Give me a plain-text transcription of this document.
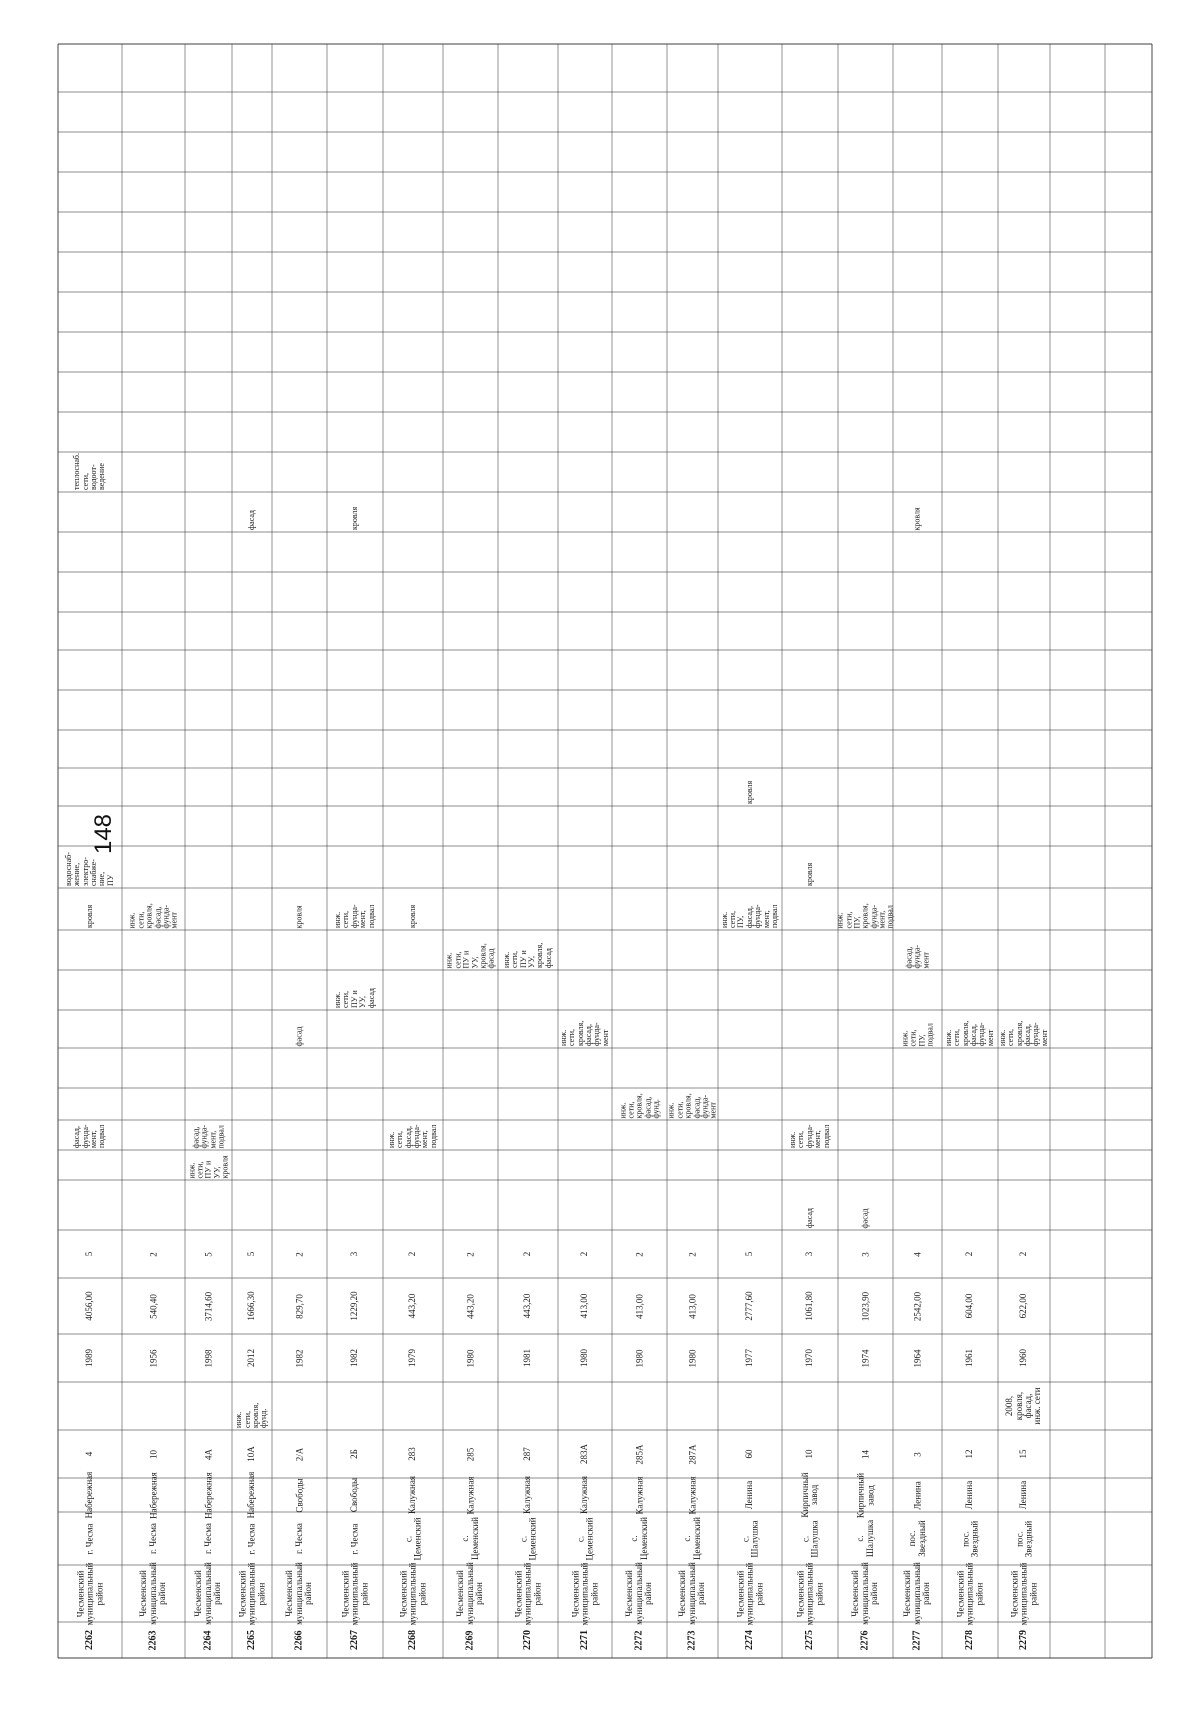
148
2262
Чесменский
муниципальный
район
г. Чесма
Набережная
4
1989
4056,00
5
теплоснаб.
сети,
водоот-
ведение
водоснаб-
жение,
электро-
снабже-
ние,
ПУ
кровля
фасад,
фунда-
мент,
подвал
2263
Чесменский
муниципальный
район
г. Чесма
Набережная
10
1956
540,40
2
инж.
сети,
кровля,
фасад,
фунда-
мент
2264
Чесменский
муниципальный
район
г. Чесма
Набережная
4А
1998
3714,60
5
инж.
сети,
ПУ и
УУ,
кровля
фасад,
фунда-
мент,
подвал
2265
Чесменский
муниципальный
район
г. Чесма
Набережная
10А
2012
1666,30
5
фасад
инж.
сети,
кровля,
фунд.
2266
Чесменский
муниципальный
район
г. Чесма
Свободы
2/А
1982
829,70
2
кровля
фасад
2267
Чесменский
муниципальный
район
г. Чесма
Свободы
2Б
1982
1229,20
3
кровля
инж.
сети,
фунда-
мент,
подвал
инж.
сети,
ПУ и
УУ,
фасад
2268
Чесменский
муниципальный
район
с.
Цеменский
Калужная
283
1979
443,20
2
кровля
инж.
сети,
фасад,
фунда-
мент,
подвал
2269
Чесменский
муниципальный
район
с.
Цеменский
Калужная
285
1980
443,20
2
инж.
сети,
ПУ и
УУ,
кровля,
фасад
2270
Чесменский
муниципальный
район
с.
Цеменский
Калужная
287
1981
443,20
2
инж.
сети,
ПУ и
УУ,
кровля,
фасад
2271
Чесменский
муниципальный
район
с.
Цеменский
Калужная
283А
1980
413,00
2
инж.
сети,
кровля,
фасад,
фунда-
мент
2272
Чесменский
муниципальный
район
с.
Цеменский
Калужная
285А
1980
413,00
2
инж.
сети,
кровля,
фасад,
фунд.
2273
Чесменский
муниципальный
район
с.
Цеменский
Калужная
287А
1980
413,00
2
инж.
сети,
кровля,
фасад,
фунда-
мент
2274
Чесменский
муниципальный
район
с.
Шалушка
Ленина
60
1977
2777,60
5
кровля
инж.
сети,
ПУ,
фасад,
фунда-
мент,
подвал
2275
Чесменский
муниципальный
район
с.
Шалушка
Кирпичный
завод
10
1970
1061,80
3
кровля
инж.
сети,
фунда-
мент,
подвал
фасад
2276
Чесменский
муниципальный
район
с.
Шалушка
Кирпичный
завод
14
1974
1023,90
3
инж.
сети,
ПУ,
кровля,
фунда-
мент,
подвал
фасад
2277
Чесменский
муниципальный
район
пос.
Звездный
Ленина
3
1964
2542,00
4
кровля
фасад,
фунда-
мент
инж.
сети,
ПУ,
подвал
2278
Чесменский
муниципальный
район
пос.
Звездный
Ленина
12
1961
604,00
2
инж.
сети,
кровля,
фасад,
фунда-
мент
2279
Чесменский
муниципальный
район
пос.
Звездный
Ленина
15
2008,
кровля,
фасад,
инж. сети
1960
622,00
2
инж.
сети,
кровля,
фасад,
фунда-
мент
